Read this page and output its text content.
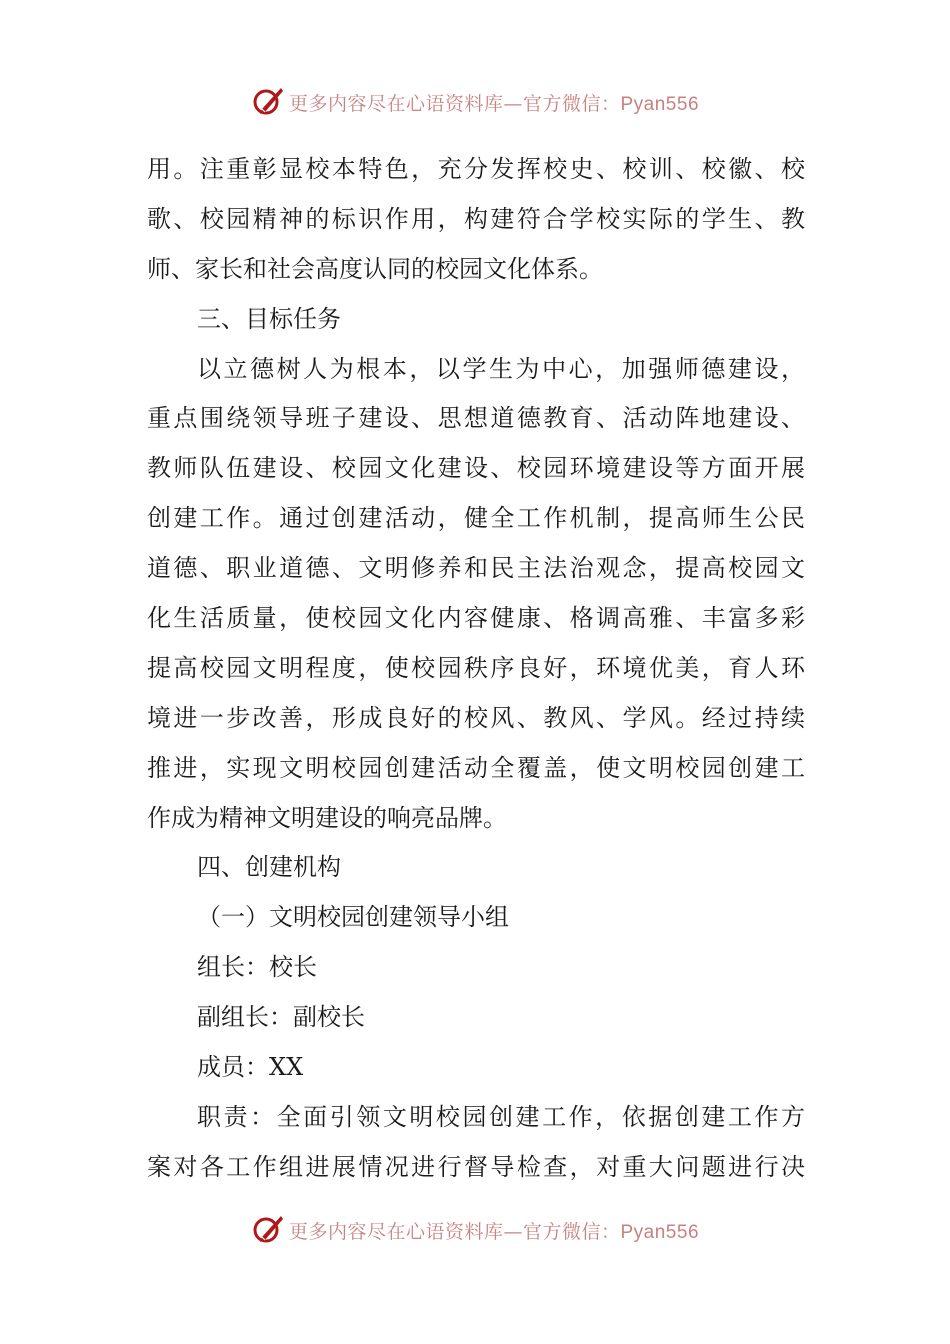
更多内容尽在心语资料库—官方微信：Pyan556
用。注重彰显校本特色，充分发挥校史、校训、校徽、校
歌、校园精神的标识作用，构建符合学校实际的学生、教
师、家长和社会高度认同的校园文化体系。
三、目标任务
以立德树人为根本，以学生为中心，加强师德建设，
重点围绕领导班子建设、思想道德教育、活动阵地建设、
教师队伍建设、校园文化建设、校园环境建设等方面开展
创建工作。通过创建活动，健全工作机制，提高师生公民
道德、职业道德、文明修养和民主法治观念，提高校园文
化生活质量，使校园文化内容健康、格调高雅、丰富多彩
提高校园文明程度，使校园秩序良好，环境优美，育人环
境进一步改善，形成良好的校风、教风、学风。经过持续
推进，实现文明校园创建活动全覆盖，使文明校园创建工
作成为精神文明建设的响亮品牌。
四、创建机构
（一）文明校园创建领导小组
组长：校长
副组长：副校长
成员：XX
职责：全面引领文明校园创建工作，依据创建工作方
案对各工作组进展情况进行督导检查，对重大问题进行决
更多内容尽在心语资料库—官方微信：Pyan556
